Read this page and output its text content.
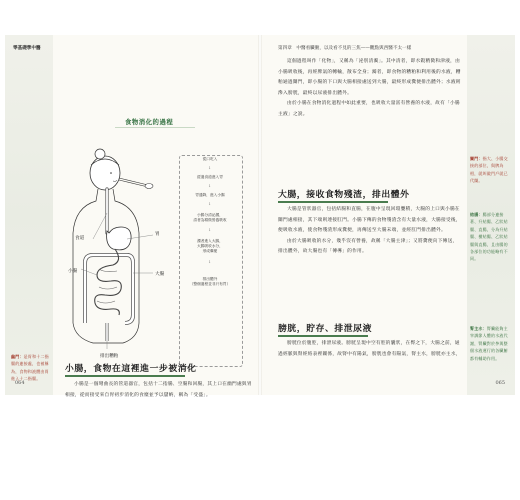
零基礎學中醫
食物消化的過程
食道
胃
小腸
大腸
排出糟粕
從口吃入
↓
經過食道進入胃
↓
胃通降，進入小腸
↓
小腸分清泌濁，
清者為精微營養吸收
↓
濁者進入大腸，
大腸吸收水分，
形成糞便
↓
排出體外
（整個過程並非只有胃）
小腸，食物在這裡進一步被消化

小腸是一個彎曲長的管道器官，包括十二指腸、空腸和回腸，其上口在幽門處與胃相接，從而接受來自胃初步消化的食糜並予以儲納，稱為「受盛」。

幽門：是胃和十二指腸的連接處，也被稱為，食物和液體由胃進入十二指腸。
064
第四章　中醫看臟腑，以及看不見的三焦——觀點與西醫不太一樣

這個過程叫作「化物」，又稱為「泌別清濁」。其中清者，即水穀精微和津液，由小腸吸收後，再經脾氣的轉輸，散布全身；濁者，即食物的糟粕和利用後的水液，糟粕通過闌門，即小腸的下口與大腸相接處送到大腸，最終形成糞便排出體外；水液則滲入膀胱，最終以尿液排出體外。

由於小腸在食物消化過程中如此重要，也吸收大量富有營養的水液，故有「小腸主液」之說。

大腸，接收食物殘渣，排出體外

大腸是管狀器官，包括結腸和直腸，在腹中呈現回環疊積，大腸的上口與小腸在闌門處相接，其下端則連接肛門。小腸下傳的食物殘渣含有大量水液，大腸接受後，便吸收水液，使食物殘渣形成糞便，再傳送至大腸末端，並經肛門排出體外。

由於大腸吸收的水分，幾乎沒有營養，故稱「大腸主津」；又將糞便向下傳送，排出體外，故大腸也有「傳導」的作用。

膀胱，貯存、排泄尿液

膀胱位於腹腔，排泄尿液。膀胱呈現中空有腔的囊狀，在臀之下，大腸之前，通過經脈與腎經絡表裡關係，故腎中有陽氣，膀胱也會有陽氣，腎主水，膀胱亦主水，

闌門：指大、小腸交接的部位，與脾為相，就叫做門戶就已代闌。
結腸：腸部分連接著、升結腸、乙狀結腸、直腸，分為升結腸、橫結腸、乙狀結腸與直腸，且由腸的各部位的功能略有不同。
腎主水：腎臟能夠主宰調節人體的水液代謝，腎臟對於參與整個水液運行的各臟腑都有輔助作用。
065
